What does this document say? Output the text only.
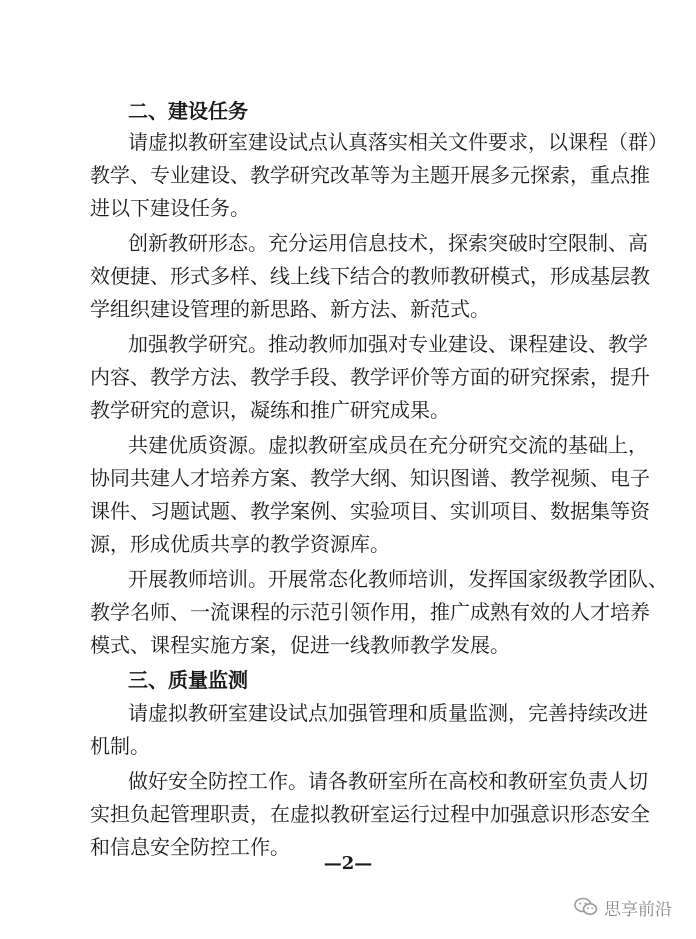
二、建设任务
请虚拟教研室建设试点认真落实相关文件要求，以课程（群）
教学、专业建设、教学研究改革等为主题开展多元探索，重点推
进以下建设任务。
创新教研形态。充分运用信息技术，探索突破时空限制、高
效便捷、形式多样、线上线下结合的教师教研模式，形成基层教
学组织建设管理的新思路、新方法、新范式。
加强教学研究。推动教师加强对专业建设、课程建设、教学
内容、教学方法、教学手段、教学评价等方面的研究探索，提升
教学研究的意识，凝练和推广研究成果。
共建优质资源。虚拟教研室成员在充分研究交流的基础上，
协同共建人才培养方案、教学大纲、知识图谱、教学视频、电子
课件、习题试题、教学案例、实验项目、实训项目、数据集等资
源，形成优质共享的教学资源库。
开展教师培训。开展常态化教师培训，发挥国家级教学团队、
教学名师、一流课程的示范引领作用，推广成熟有效的人才培养
模式、课程实施方案，促进一线教师教学发展。
三、质量监测
请虚拟教研室建设试点加强管理和质量监测，完善持续改进
机制。
做好安全防控工作。请各教研室所在高校和教研室负责人切
实担负起管理职责，在虚拟教研室运行过程中加强意识形态安全
和信息安全防控工作。
—2—
思享前沿
